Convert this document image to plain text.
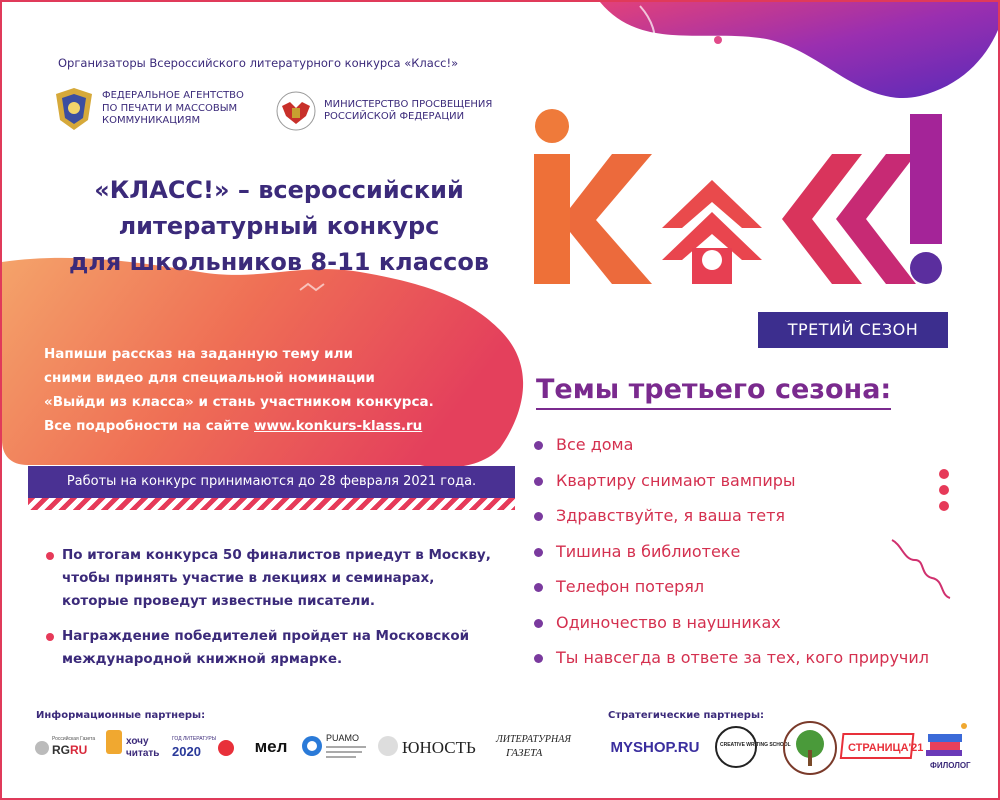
Организаторы Всероссийского литературного конкурса «Класс!»
ФЕДЕРАЛЬНОЕ АГЕНТСТВО
ПО ПЕЧАТИ И МАССОВЫМ
КОММУНИКАЦИЯМ
МИНИСТЕРСТВО ПРОСВЕЩЕНИЯ
РОССИЙСКОЙ ФЕДЕРАЦИИ
«КЛАСС!» – всероссийский
литературный конкурс
для школьников 8-11 классов
Напиши рассказ на заданную тему или
сними видео для специальной номинации
«Выйди из класса» и стань участником конкурса.
Все подробности на сайте www.konkurs-klass.ru
Работы на конкурс принимаются до 28 февраля 2021 года.
По итогам конкурса 50 финалистов приедут в Москву,
чтобы принять участие в лекциях и семинарах,
которые проведут известные писатели.
Награждение победителей пройдет на Московской
международной книжной ярмарке.
ТРЕТИЙ СЕЗОН
Темы третьего сезона:
Все дома
Квартиру снимают вампиры
Здравствуйте, я ваша тетя
Тишина в библиотеке
Телефон потерял
Одиночество в наушниках
Ты навсегда в ответе за тех, кого приручил
Информационные партнеры:	Стратегические партнеры:
Российская Газета
RGRU
хочу
читать
ГОД ЛИТЕРАТУРЫ
2020	мел	PUAMO	ЮНОСТЬ ЛИТЕРАТУРНАЯ
ГАЗЕТА	MYSHOP.RU	CREATIVE WRITING SCHOOL	СТРАНИЦА'21
ФИЛОЛОГ
